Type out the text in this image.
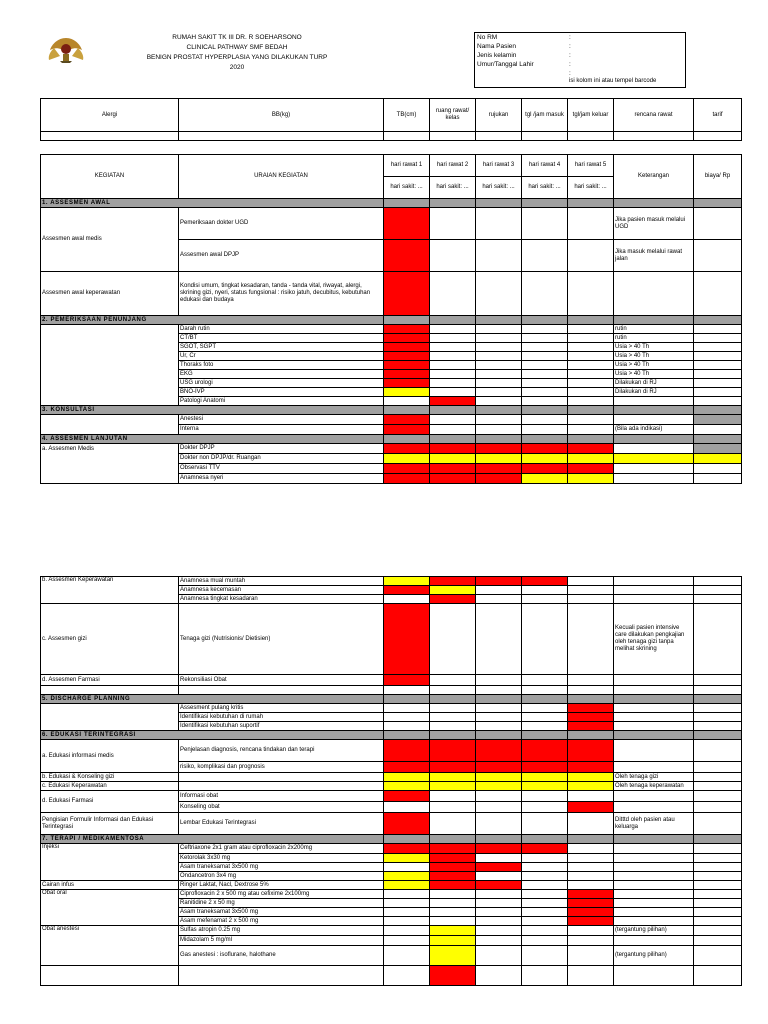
RUMAH SAKIT TK III DR. R SOEHARSONO
CLINICAL PATHWAY SMF BEDAH
BENIGN PROSTAT HYPERPLASIA YANG DILAKUKAN TURP
2020
No RM
Nama Pasien
Jenis kelamin
Umur/Tanggal Lahir
:
:
:
:
:
isi kolom ini atau tempel barcode
Alergi	BB(kg)	TB(cm)	ruang rawat/ kelas	rujukan	tgl /jam masuk	tgl/jam keluar	rencana rawat	tarif

KEGIATAN	URAIAN KEGIATAN	hari rawat 1	hari rawat 2	hari rawat 3	hari rawat 4	hari rawat 5	Keterangan	biaya/ Rp
		hari sakit: ...	hari sakit: ...	hari sakit: ...	hari sakit: ...	hari sakit: ...		
1. ASSESMEN AWAL								
Assesmen awal medis	Pemeriksaan dokter UGD						Jika pasien masuk melalui UGD	
	Assesmen awal DPJP						Jika masuk melalui rawat jalan	
Assesmen awal keperawatan	Kondisi umum, tingkat kesadaran, tanda - tanda vital, riwayat, alergi, skrining gizi, nyeri, status fungsional : risiko jatuh, decubitus, kebutuhan edukasi dan budaya							
2. PEMERIKSAAN PENUNJANG								
	Darah rutin						rutin	
	CT/BT						rutin	
	SGOT, SGPT						Usia > 40 Th	
	Ur, Cr						Usia > 40 Th	
	Thoraks foto						Usia > 40 Th	
	EKG						Usia > 40 Th	
	USG urologi						Dilakukan di RJ	
	BNO-IVP						Dilakukan di RJ	
	Patologi Anatomi							
3. KONSULTASI								
	Anestesi							
	Interna						(Bila ada indikasi)	
4. ASSESMEN LANJUTAN								
a. Assesmen Medis	Dokter DPJP							
	Dokter non DPJP/dr. Ruangan							
	Observasi TTV							
	Anamnesa nyeri							
b. Assesmen Keperawatan	Anamnesa mual muntah							
	Anamnesa kecemasan							
	Anamnesa tingkat kesadaran							
c. Assesmen gizi	Tenaga gizi (Nutrisionis/ Dietisien)						Kecuali pasien intensive care dilakukan pengkajian oleh tenaga gizi tanpa melihat skrining	
d. Assesmen Farmasi	Rekonsiliasi Obat							

5. DISCHARGE PLANNING								
	Assesment pulang kritis							
	Identifikasi kebutuhan di rumah							
	Identifikasi kebutuhan suportif							
6. EDUKASI TERINTEGRASI								
a. Edukasi informasi medis	Penjelasan diagnosis, rencana tindakan dan terapi							
	risiko, komplikasi dan prognosis							
b. Edukasi & Konseling gizi							Oleh tenaga gizi	
c. Edukasi Keperawatan							Oleh tenaga keperawatan	
d. Edukasi Farmasi	Informasi obat							
	Konseling obat							
Pengisian Formulir Informasi dan Edukasi Terintegrasi	Lembar Edukasi Terintegrasi						Ditttd oleh pasien atau keluarga	
7. TERAPI / MEDIKAMENTOSA								
Injeksi	Ceftriaxone 2x1 gram atau ciprofloxacin 2x200mg							
	Ketorolak 3x30 mg							
	Asam traneksamat 3x500 mg							
	Ondancetron 3x4 mg							
Cairan infus	Ringer Laktat, Nacl, Dextrose 5%							
Obat oral	Ciprofloxacin 2 x 500 mg atau cefixime 2x100mg							
	Ranitidine 2 x 50 mg							
	Asam traneksamat 3x500 mg							
	Asam mefenamat 2 x 500 mg							
Obat anestesi	Sulfas atropin 0.25 mg						(tergantung pilihan)	
	Midazolam 5 mg/ml							
	Gas anestesi : isoflurane, halothane						(tergantung pilihan)	
